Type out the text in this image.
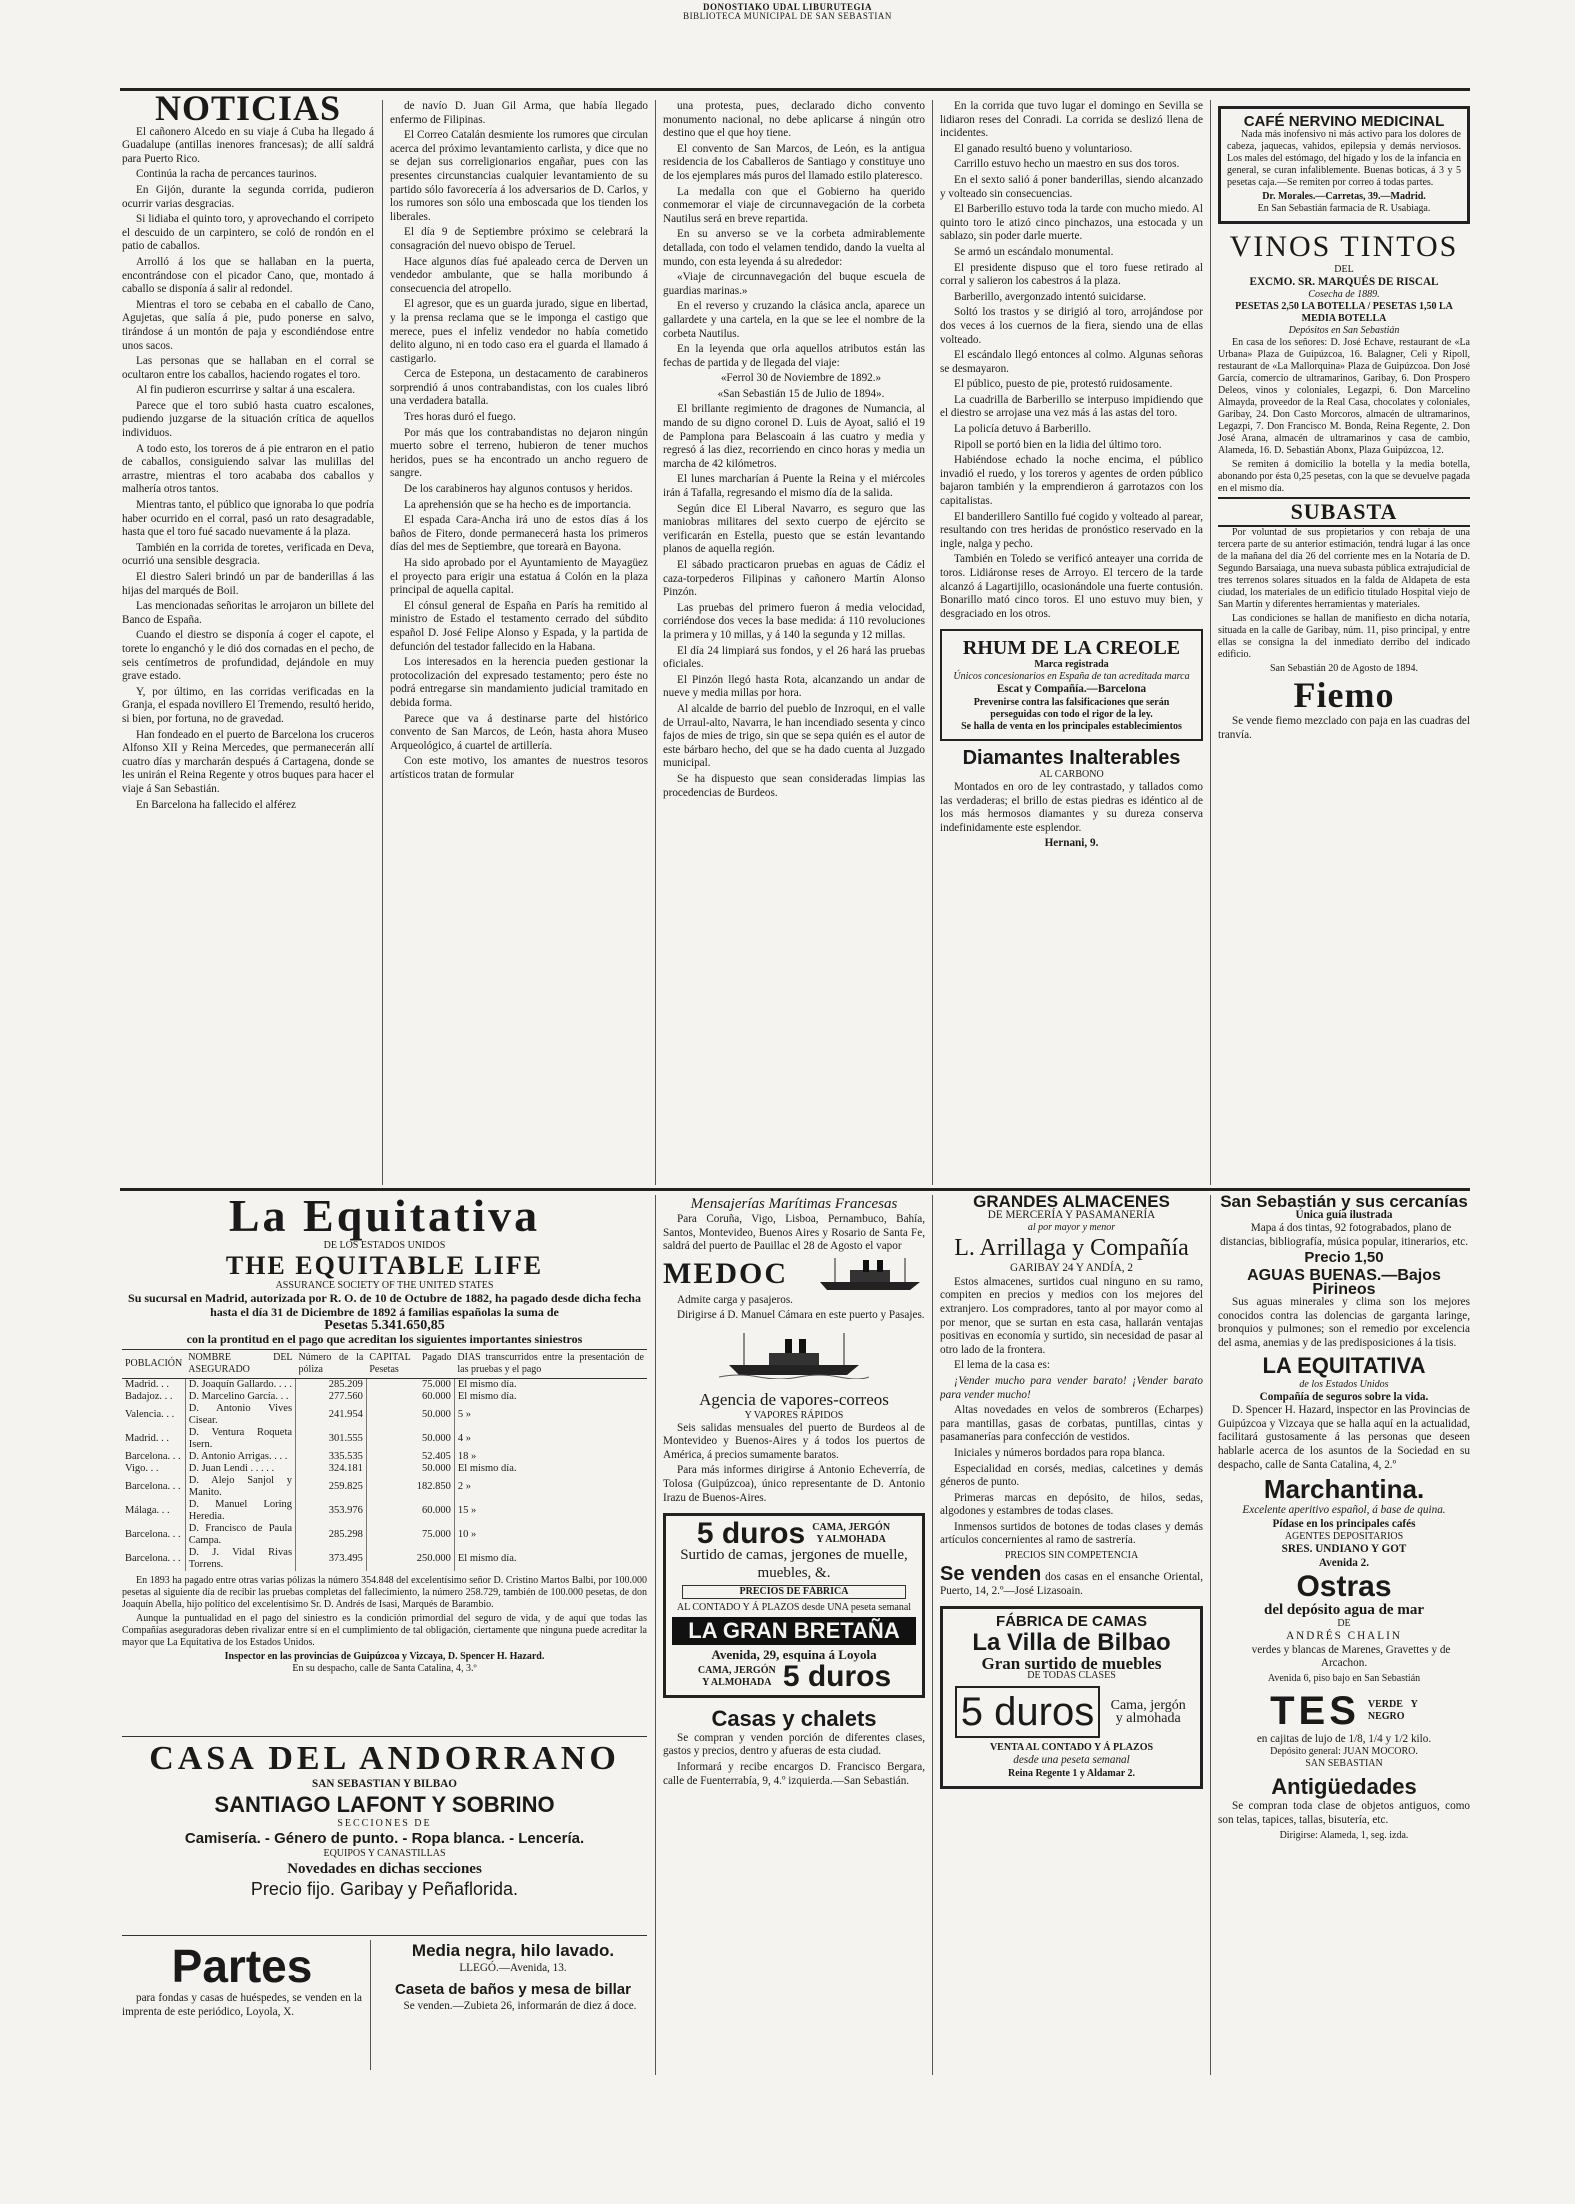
DONOSTIAKO UDAL LIBURUTEGIA
BIBLIOTECA MUNICIPAL DE SAN SEBASTIAN
NOTICIAS

El cañonero Alcedo en su viaje á Cuba ha llegado á Guadalupe (antillas inenores francesas); de allí saldrá para Puerto Rico.

Continúa la racha de percances taurinos.

En Gijón, durante la segunda corrida, pudieron ocurrir varias desgracias.

Si lidiaba el quinto toro, y aprovechando el corripeto el descuido de un carpintero, se coló de rondón en el patio de caballos.

Arrolló á los que se hallaban en la puerta, encontrándose con el picador Cano, que, montado á caballo se disponía á salir al redondel.

Mientras el toro se cebaba en el caballo de Cano, Agujetas, que salía á pie, pudo ponerse en salvo, tirándose á un montón de paja y escondiéndose entre unos sacos.

Las personas que se hallaban en el corral se ocultaron entre los caballos, haciendo rogates el toro.

Al fin pudieron escurrirse y saltar á una escalera.

Parece que el toro subió hasta cuatro escalones, pudiendo juzgarse de la situación crítica de aquellos individuos.

A todo esto, los toreros de á pie entraron en el patio de caballos, consiguiendo salvar las mulillas del arrastre, mientras el toro acababa dos caballos y malhería otros tantos.

Mientras tanto, el público que ignoraba lo que podría haber ocurrido en el corral, pasó un rato desagradable, hasta que el toro fué sacado nuevamente á la plaza.

También en la corrida de toretes, verificada en Deva, ocurrió una sensible desgracia.

El diestro Saleri brindó un par de banderillas á las hijas del marqués de Boil.

Las mencionadas señoritas le arrojaron un billete del Banco de España.

Cuando el diestro se disponía á coger el capote, el torete lo enganchó y le dió dos cornadas en el pecho, de seis centímetros de profundidad, dejándole en muy grave estado.

Y, por último, en las corridas verificadas en la Granja, el espada novillero El Tremendo, resultó herido, si bien, por fortuna, no de gravedad.

Han fondeado en el puerto de Barcelona los cruceros Alfonso XII y Reina Mercedes, que permanecerán allí cuatro días y marcharán después á Cartagena, donde se les unirán el Reina Regente y otros buques para hacer el viaje á San Sebastián.

En Barcelona ha fallecido el alférez

de navío D. Juan Gil Arma, que había llegado enfermo de Filipinas.

El Correo Catalán desmiente los rumores que circulan acerca del próximo levantamiento carlista, y dice que no se dejan sus correligionarios engañar, pues con las presentes circunstancias cualquier levantamiento de su partido sólo favorecería á los adversarios de D. Carlos, y los rumores son sólo una emboscada que los tienden los liberales.

El día 9 de Septiembre próximo se celebrará la consagración del nuevo obispo de Teruel.

Hace algunos días fué apaleado cerca de Derven un vendedor ambulante, que se halla moribundo á consecuencia del atropello.

El agresor, que es un guarda jurado, sigue en libertad, y la prensa reclama que se le imponga el castigo que merece, pues el infeliz vendedor no había cometido delito alguno, ni en todo caso era el guarda el llamado á castigarlo.

Cerca de Estepona, un destacamento de carabineros sorprendió á unos contrabandistas, con los cuales libró una verdadera batalla.

Tres horas duró el fuego.

Por más que los contrabandistas no dejaron ningún muerto sobre el terreno, hubieron de tener muchos heridos, pues se ha encontrado un ancho reguero de sangre.

De los carabineros hay algunos contusos y heridos.

La aprehensión que se ha hecho es de importancia.

El espada Cara-Ancha irá uno de estos días á los baños de Fitero, donde permanecerá hasta los primeros días del mes de Septiembre, que torearà en Bayona.

Ha sido aprobado por el Ayuntamiento de Mayagüez el proyecto para erigir una estatua á Colón en la plaza principal de aquella capital.

El cónsul general de España en París ha remitido al ministro de Estado el testamento cerrado del súbdito español D. José Felipe Alonso y Espada, y la partida de defunción del testador fallecido en la Habana.

Los interesados en la herencia pueden gestionar la protocolización del expresado testamento; pero éste no podrá entregarse sin mandamiento judicial tramitado en debida forma.

Parece que va á destinarse parte del histórico convento de San Marcos, de León, hasta ahora Museo Arqueológico, á cuartel de artillería.

Con este motivo, los amantes de nuestros tesoros artísticos tratan de formular

una protesta, pues, declarado dicho convento monumento nacional, no debe aplicarse á ningún otro destino que el que hoy tiene.

El convento de San Marcos, de León, es la antigua residencia de los Caballeros de Santiago y constituye uno de los ejemplares más puros del llamado estilo plateresco.

La medalla con que el Gobierno ha querido conmemorar el viaje de circunnavegación de la corbeta Nautilus será en breve repartida.

En su anverso se ve la corbeta admirablemente detallada, con todo el velamen tendido, dando la vuelta al mundo, con esta leyenda á su alrededor:

«Viaje de circunnavegación del buque escuela de guardias marinas.»

En el reverso y cruzando la clásica ancla, aparece un gallardete y una cartela, en la que se lee el nombre de la corbeta Nautilus.

En la leyenda que orla aquellos atributos están las fechas de partida y de llegada del viaje:

«Ferrol 30 de Noviembre de 1892.»

«San Sebastián 15 de Julio de 1894».

El brillante regimiento de dragones de Numancia, al mando de su digno coronel D. Luis de Ayoat, salió el 19 de Pamplona para Belascoain á las cuatro y media y regresó á las diez, recorriendo en cinco horas y media un marcha de 42 kilómetros.

El lunes marcharían á Puente la Reina y el miércoles irán á Tafalla, regresando el mismo día de la salida.

Según dice El Liberal Navarro, es seguro que las maniobras militares del sexto cuerpo de ejército se verificarán en Estella, puesto que se están levantando planos de aquella región.

El sábado practicaron pruebas en aguas de Cádiz el caza-torpederos Filipinas y cañonero Martín Alonso Pinzón.

Las pruebas del primero fueron á media velocidad, corriéndose dos veces la base medida: á 110 revoluciones la primera y 10 millas, y á 140 la segunda y 12 millas.

El día 24 limpiará sus fondos, y el 26 hará las pruebas oficiales.

El Pinzón llegó hasta Rota, alcanzando un andar de nueve y media millas por hora.

Al alcalde de barrio del pueblo de Inzroqui, en el valle de Urraul-alto, Navarra, le han incendiado sesenta y cinco fajos de mies de trigo, sin que se sepa quién es el autor de este bárbaro hecho, del que se ha dado cuenta al Juzgado municipal.

Se ha dispuesto que sean consideradas limpias las procedencias de Burdeos.

En la corrida que tuvo lugar el domingo en Sevilla se lidiaron reses del Conradi. La corrida se deslizó llena de incidentes.

El ganado resultó bueno y voluntarioso.

Carrillo estuvo hecho un maestro en sus dos toros.

En el sexto salió á poner banderillas, siendo alcanzado y volteado sin consecuencias.

El Barberillo estuvo toda la tarde con mucho miedo. Al quinto toro le atizó cinco pinchazos, una estocada y un sablazo, sin poder darle muerte.

Se armó un escándalo monumental.

El presidente dispuso que el toro fuese retirado al corral y salieron los cabestros á la plaza.

Barberillo, avergonzado intentó suicidarse.

Soltó los trastos y se dirigió al toro, arrojándose por dos veces á los cuernos de la fiera, siendo una de ellas volteado.

El escándalo llegó entonces al colmo. Algunas señoras se desmayaron.

El público, puesto de pie, protestó ruidosamente.

La cuadrilla de Barberillo se interpuso impidiendo que el diestro se arrojase una vez más á las astas del toro.

La policía detuvo á Barberillo.

Ripoll se portó bien en la lidia del último toro.

Habiéndose echado la noche encima, el público invadió el ruedo, y los toreros y agentes de orden público bajaron también y la emprendieron á garrotazos con los capitalistas.

El banderillero Santillo fué cogido y volteado al parear, resultando con tres heridas de pronóstico reservado en la ingle, nalga y pecho.

También en Toledo se verificó anteayer una corrida de toros. Lidiáronse reses de Arroyo. El tercero de la tarde alcanzó á Lagartijillo, ocasionándole una fuerte contusión. Bonarillo mató cinco toros. El uno estuvo muy bien, y desgraciado en los otros.

RHUM DE LA CREOLE
Marca registrada
Únicos concesionarios en España de tan acreditada marca
Escat y Compañía.—Barcelona
Prevenirse contra las falsificaciones que serán perseguidas con todo el rigor de la ley.
Se halla de venta en los principales establecimientos
Diamantes Inalterables
AL CARBONO

Montados en oro de ley contrastado, y tallados como las verdaderas; el brillo de estas piedras es idéntico al de los más hermosos diamantes y su dureza conserva indefinidamente este esplendor.

Hernani, 9.
CAFÉ NERVINO MEDICINAL

Nada más inofensivo ni más activo para los dolores de cabeza, jaquecas, vahidos, epilepsia y demás nerviosos. Los males del estómago, del hígado y los de la infancia en general, se curan infaliblemente. Buenas boticas, á 3 y 5 pesetas caja.—Se remiten por correo á todas partes.

Dr. Morales.—Carretas, 39.—Madrid.
En San Sebastián farmacia de R. Usabiaga.
VINOS TINTOS
DEL
EXCMO. SR. MARQUÉS DE RISCAL
Cosecha de 1889.
PESETAS 2,50 LA BOTELLA / PESETAS 1,50 LA MEDIA BOTELLA
Depósitos en San Sebastián

En casa de los señores: D. José Echave, restaurant de «La Urbana» Plaza de Guipúzcoa, 16. Balagner, Celi y Ripoll, restaurant de «La Mallorquina» Plaza de Guipúzcoa. Don José García, comercio de ultramarinos, Garibay, 6. Don Prospero Deleos, vinos y coloniales, Legazpi, 6. Don Marcelino Almayda, proveedor de la Real Casa, chocolates y coloniales, Garibay, 24. Don Casto Morcoros, almacén de ultramarinos, Legazpi, 7. Don Francisco M. Bonda, Reina Regente, 2. Don José Arana, almacén de ultramarinos y casa de cambio, Alameda, 16. D. Sebastián Abonx, Plaza Guipúzcoa, 12.

Se remiten á domicilio la botella y la media botella, abonando por ésta 0,25 pesetas, con la que se devuelve pagada en el mismo día.

SUBASTA

Por voluntad de sus propietarios y con rebaja de una tercera parte de su anterior estimación, tendrá lugar á las once de la mañana del día 26 del corriente mes en la Notaría de D. Segundo Barsaiaga, una nueva subasta pública extrajudicial de tres terrenos solares situados en la falda de Aldapeta de esta ciudad, los materiales de un edificio titulado Hospital viejo de San Martín y diferentes herramientas y materiales.

Las condiciones se hallan de manifiesto en dicha notaría, situada en la calle de Garibay, núm. 11, piso principal, y entre ellas se consigna la del inmediato derribo del indicado edificio.

San Sebastián 20 de Agosto de 1894.
Fiemo

Se vende fiemo mezclado con paja en las cuadras del tranvía.

La Equitativa
DE LOS ESTADOS UNIDOS
THE EQUITABLE LIFE
ASSURANCE SOCIETY OF THE UNITED STATES
Su sucursal en Madrid, autorizada por R. O. de 10 de Octubre de 1882, ha pagado desde dicha fecha hasta el día 31 de Diciembre de 1892 á familias españolas la suma de
Pesetas 5.341.650,85
con la prontitud en el pago que acreditan los siguientes importantes siniestros
POBLACIÓN	NOMBRE DEL ASEGURADO	Número de la póliza	CAPITAL Pagado Pesetas	DIAS transcurridos entre la presentación de las pruebas y el pago
Madrid. . .	D. Joaquín Gallardo. . . .	285.209	75.000	El mismo día.
Badajoz. . .	D. Marcelino García. . .	277.560	60.000	El mismo día.
Valencia. . .	D. Antonio Vives Cisear.	241.954	50.000	5 »
Madrid. . .	D. Ventura Roqueta Isern.	301.555	50.000	4 »
Barcelona. . .	D. Antonio Arrigas. . . .	335.535	52.405	18 »
Vigo. . .	D. Juan Lendi . . . . .	324.181	50.000	El mismo día.
Barcelona. . .	D. Alejo Sanjol y Manito.	259.825	182.850	2 »
Málaga. . .	D. Manuel Loring Heredia.	353.976	60.000	15 »
Barcelona. . .	D. Francisco de Paula Campa.	285.298	75.000	10 »
Barcelona. . .	D. J. Vidal Rivas Torrens.	373.495	250.000	El mismo día.

En 1893 ha pagado entre otras varias pólizas la número 354.848 del excelentísimo señor D. Cristino Martos Balbi, por 100.000 pesetas al siguiente día de recibir las pruebas completas del fallecimiento, la número 258.729, también de 100.000 pesetas, de don Joaquín Abella, hijo político del excelentísimo Sr. D. Andrés de Isasi, Marqués de Barambio.

Aunque la puntualidad en el pago del siniestro es la condición primordial del seguro de vida, y de aquí que todas las Compañías aseguradoras deben rivalizar entre sí en el cumplimiento de tal obligación, ciertamente que ninguna puede acreditar la mayor que La Equitativa de los Estados Unidos.

Inspector en las provincias de Guipúzcoa y Vizcaya, D. Spencer H. Hazard.
En su despacho, calle de Santa Catalina, 4, 3.º
CASA DEL ANDORRANO
SAN SEBASTIAN Y BILBAO
SANTIAGO LAFONT Y SOBRINO
SECCIONES DE
Camisería. - Género de punto. - Ropa blanca. - Lencería.
EQUIPOS Y CANASTILLAS
Novedades en dichas secciones
Precio fijo. Garibay y Peñaflorida.
Partes

para fondas y casas de huéspedes, se venden en la imprenta de este periódico, Loyola, X.

Media negra, hilo lavado.
LLEGÓ.—Avenida, 13.
Caseta de baños y mesa de billar

Se venden.—Zubieta 26, informarán de diez á doce.

Mensajerías Marítimas Francesas

Para Coruña, Vigo, Lisboa, Pernambuco, Bahía, Santos, Montevideo, Buenos Aires y Rosario de Santa Fe, saldrá del puerto de Pauillac el 28 de Agosto el vapor

MEDOC

Admite carga y pasajeros.

Dirigirse á D. Manuel Cámara en este puerto y Pasajes.

Agencia de vapores-correos
Y VAPORES RÁPIDOS

Seis salidas mensuales del puerto de Burdeos al de Montevideo y Buenos-Aires y á todos los puertos de América, á precios sumamente baratos.

Para más informes dirigirse á Antonio Echeverría, de Tolosa (Guipúzcoa), único representante de D. Antonio Irazu de Buenos-Aires.

5 duros CAMA, JERGÓN Y ALMOHADA
Surtido de camas, jergones de muelle, muebles, &.
PRECIOS DE FÁBRICA
AL CONTADO Y Á PLAZOS desde UNA peseta semanal
LA GRAN BRETAÑA
Avenida, 29, esquina á Loyola
CAMA, JERGÓN Y ALMOHADA 5 duros
Casas y chalets

Se compran y venden porción de diferentes clases, gastos y precios, dentro y afueras de esta ciudad.

Informará y recibe encargos D. Francisco Bergara, calle de Fuenterrabía, 9, 4.º izquierda.—San Sebastián.

GRANDES ALMACENES
DE MERCERÍA Y PASAMANERÍA
al por mayor y menor
L. Arrillaga y Compañía
GARIBAY 24 Y ANDÍA, 2

Estos almacenes, surtidos cual ninguno en su ramo, compiten en precios y medios con los mejores del extranjero. Los compradores, tanto al por mayor como al por menor, que se surtan en esta casa, hallarán ventajas positivas en economía y surtido, sin necesidad de pasar al otro lado de la frontera.

El lema de la casa es:

¡Vender mucho para vender barato! ¡Vender barato para vender mucho!

Altas novedades en velos de sombreros (Echarpes) para mantillas, gasas de corbatas, puntillas, cintas y pasamanerías para confección de vestidos.

Iniciales y números bordados para ropa blanca.

Especialidad en corsés, medias, calcetines y demás géneros de punto.

Primeras marcas en depósito, de hilos, sedas, algodones y estambres de todas clases.

Inmensos surtidos de botones de todas clases y demás artículos concernientes al ramo de sastrería.

PRECIOS SIN COMPETENCIA
Se venden dos casas en el ensanche Oriental, Puerto, 14, 2.º—José Lizasoain.
FÁBRICA DE CAMAS
La Villa de Bilbao
Gran surtido de muebles
DE TODAS CLASES
5 duros	Cama, jergón y almohada
VENTA AL CONTADO Y Á PLAZOS
desde una peseta semanal
Reina Regente 1 y Aldamar 2.
San Sebastián y sus cercanías
Única guía ilustrada

Mapa á dos tintas, 92 fotograbados, plano de distancias, bibliografía, música popular, itinerarios, etc.

Precio 1,50
AGUAS BUENAS.—Bajos Pirineos

Sus aguas minerales y clima son los mejores conocidos contra las dolencias de garganta laringe, bronquios y pulmones; son el remedio por excelencia del asma, anemias y de las predisposiciones á la tisis.

LA EQUITATIVA
de los Estados Unidos
Compañía de seguros sobre la vida.

D. Spencer H. Hazard, inspector en las Provincias de Guipúzcoa y Vizcaya que se halla aquí en la actualidad, facilitará gustosamente á las personas que deseen hablarle acerca de los asuntos de la Sociedad en su despacho, calle de Santa Catalina, 4, 2.º

Marchantina.
Excelente aperitivo español, á base de quina.
Pídase en los principales cafés
AGENTES DEPOSITARIOS
SRES. UNDIANO Y GOT
Avenida 2.
Ostras
del depósito agua de mar
DE
ANDRÉS CHALIN

verdes y blancas de Marenes, Gravettes y de Arcachon.

Avenida 6, piso bajo en San Sebastián
TES VERDE Y NEGRO
en cajitas de lujo de 1/8, 1/4 y 1/2 kilo.
Depósito general: JUAN MOCORO.
SAN SEBASTIAN
Antigüedades

Se compran toda clase de objetos antiguos, como son telas, tapices, tallas, bisutería, etc.

Dirigirse: Alameda, 1, seg. izda.
